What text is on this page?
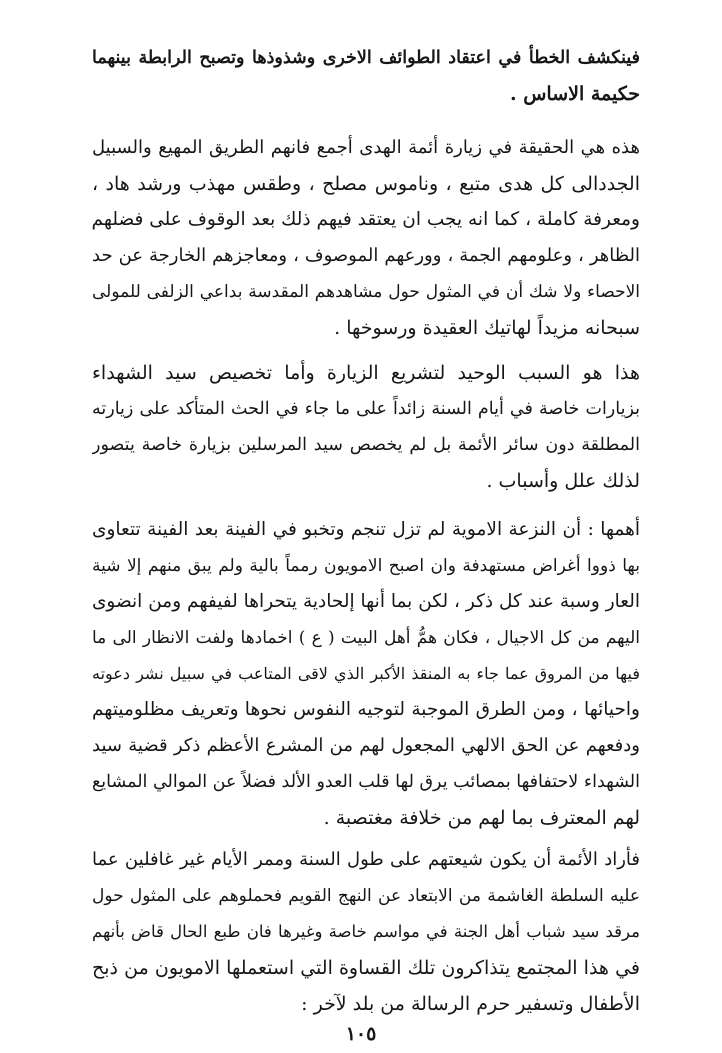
فينكشف الخطأ في اعتقاد الطوائف الاخرى وشذوذها وتصبح الرابطة بينهما
حكيمة الاساس .
هذه هي الحقيقة في زيارة أئمة الهدى أجمع فانهم الطريق المهيع والسبيل
الجددالى كل هدى متبع ، وناموس مصلح ، وطقس مهذب ورشد هاد ،
ومعرفة كاملة ، كما انه يجب ان يعتقد فيهم ذلك بعد الوقوف على فضلهم
الظاهر ، وعلومهم الجمة ، وورعهم الموصوف ، ومعاجزهم الخارجة عن حد
الاحصاء ولا شك أن في المثول حول مشاهدهم المقدسة بداعي الزلفى للمولى
سبحانه مزيداً لهاتيك العقيدة ورسوخها .
هذا هو السبب الوحيد لتشريع الزيارة وأما تخصيص سيد الشهداء
بزيارات خاصة في أيام السنة زائداً على ما جاء في الحث المتأكد على زيارته
المطلقة دون سائر الأئمة بل لم يخصص سيد المرسلين بزيارة خاصة يتصور
لذلك علل وأسباب .
أهمها : أن النزعة الاموية لم تزل تنجم وتخبو في الفينة بعد الفينة تتعاوى
بها ذووا أغراض مستهدفة وان اصبح الامويون رمماً بالية ولم يبق منهم إلا شية
العار وسبة عند كل ذكر ، لكن بما أنها إلحادية يتحراها لفيفهم ومن انضوى
اليهم من كل الاجيال ، فكان همُّ أهل البيت ( ع ) اخمادها ولفت الانظار الى ما
فيها من المروق عما جاء به المنقذ الأكبر الذي لاقى المتاعب في سبيل نشر دعوته
واحيائها ، ومن الطرق الموجبة لتوجيه النفوس نحوها وتعريف مظلوميتهم
ودفعهم عن الحق الالهي المجعول لهم من المشرع الأعظم ذكر قضية سيد
الشهداء لاحتفافها بمصائب يرق لها قلب العدو الألد فضلاً عن الموالي المشايع
لهم المعترف بما لهم من خلافة مغتصبة .
فأراد الأئمة أن يكون شيعتهم على طول السنة وممر الأيام غير غافلين عما
عليه السلطة الغاشمة من الابتعاد عن النهج القويم فحملوهم على المثول حول
مرقد سيد شباب أهل الجنة في مواسم خاصة وغيرها فان طبع الحال قاض بأنهم
في هذا المجتمع يتذاكرون تلك القساوة التي استعملها الامويون من ذبح
الأطفال وتسفير حرم الرسالة من بلد لآخر :
١٠٥
